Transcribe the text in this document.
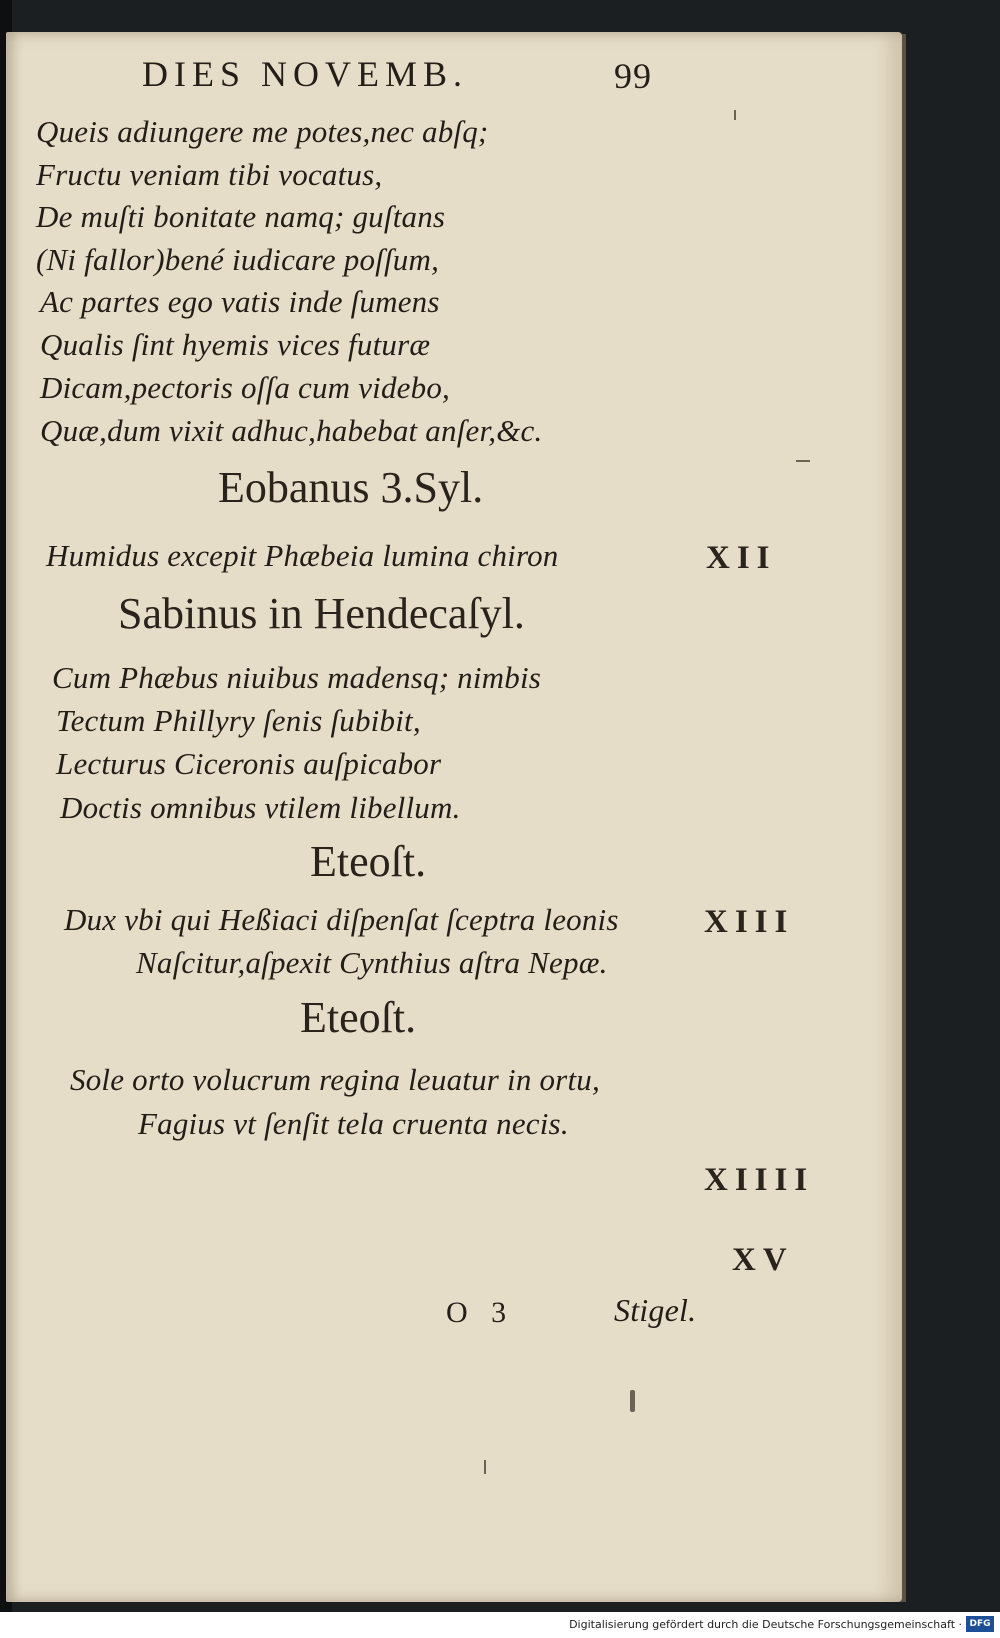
DIES NOVEMB.	99
Queis adiungere me potes,nec abſq;
Fructu veniam tibi vocatus,
De muſti bonitate namq; guſtans
(Ni fallor)bené iudicare poſſum,
Ac partes ego vatis inde ſumens
Qualis ſint hyemis vices futuræ
Dicam,pectoris oſſa cum videbo,
Quæ,dum vixit adhuc,habebat anſer,&c.
Eobanus 3.Syl.
Humidus excepit Phæbeia lumina chiron	XII
Sabinus in Hendecaſyl.
Cum Phæbus niuibus madensq; nimbis
Tectum Phillyry ſenis ſubibit,
Lecturus Ciceronis auſpicabor
Doctis omnibus vtilem libellum.
Eteoſt.
Dux vbi qui Heßiaci diſpenſat ſceptra leonis
Naſcitur,aſpexit Cynthius aſtra Nepæ.
XIII
Eteoſt.
Sole orto volucrum regina leuatur in ortu,
Fagius vt ſenſit tela cruenta necis.
XIIII
XV
O 3	Stigel.
Digitalisierung gefördert durch die Deutsche Forschungsgemeinschaft · DFG
